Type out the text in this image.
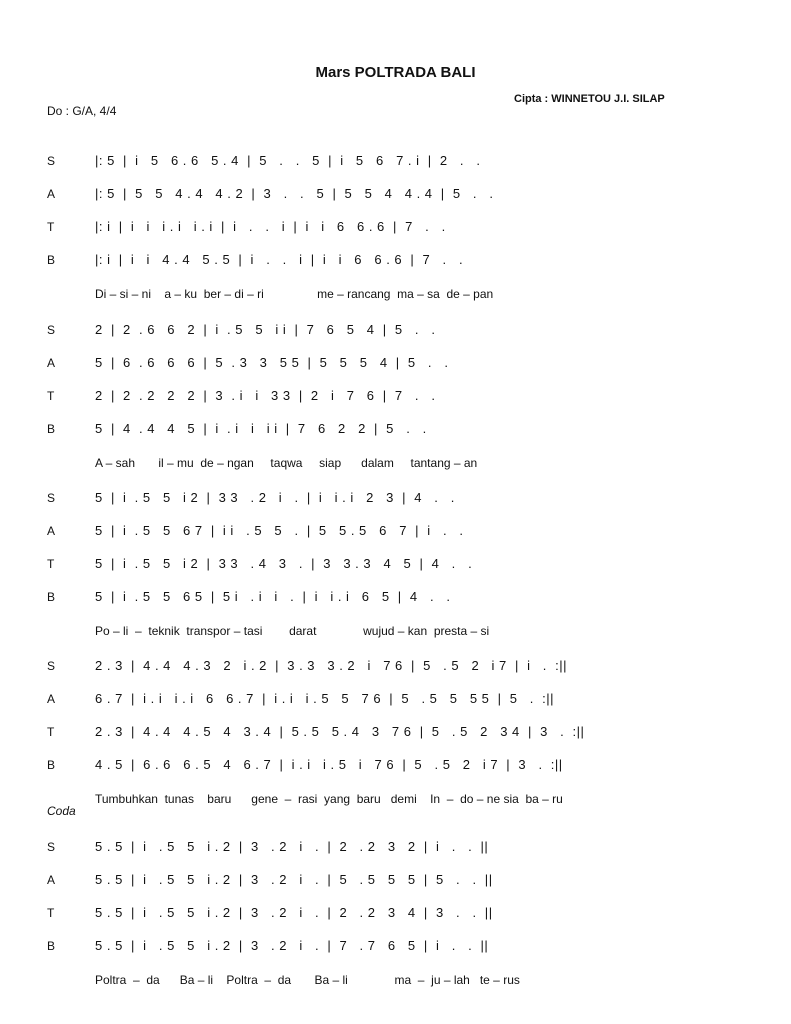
Mars POLTRADA BALI
Cipta : WINNETOU J.I. SILAP
Do : G/A, 4/4
Coda
S	|: 5  |  i   5   6 . 6   5 . 4  |  5   .   .   5  |  i   5   6   7 . i  |  2   .   .
A	|: 5  |  5   5   4 . 4   4 . 2  |  3   .   .   5  |  5   5   4   4 . 4  |  5   .   .
T	|: i  |  i   i   i . i   i . i  |  i   .   .   i  |  i   i   6   6 . 6  |  7   .   .
B	|: i  |  i   i   4 . 4   5 . 5  |  i   .   .   i  |  i   i   6   6 . 6  |  7   .   .
Di – si – ni    a – ku  ber – di – ri                me – rancang  ma – sa  de – pan
S	2  |  2  . 6   6   2  |  i  . 5   5   i i  |  7   6   5   4  |  5   .   .
A	5  |  6  . 6   6   6  |  5  . 3   3   5 5  |  5   5   5   4  |  5   .   .
T	2  |  2  . 2   2   2  |  3  . i   i   3 3  |  2   i   7   6  |  7   .   .
B	5  |  4  . 4   4   5  |  i  . i   i   i i  |  7   6   2   2  |  5   .   .
A – sah       il – mu  de – ngan     taqwa     siap      dalam     tantang – an
S	5  |  i  . 5   5   i 2  |  3 3   . 2   i   .  |  i   i . i   2   3  |  4   .   .
A	5  |  i  . 5   5   6 7  |  i i   . 5   5   .  |  5   5 . 5   6   7  |  i   .   .
T	5  |  i  . 5   5   i 2  |  3 3   . 4   3   .  |  3   3 . 3   4   5  |  4   .   .
B	5  |  i  . 5   5   6 5  |  5 i   . i   i   .  |  i   i . i   6   5  |  4   .   .
Po – li  –  teknik  transpor – tasi        darat              wujud – kan  presta – si
S	2 . 3  |  4 . 4   4 . 3   2   i . 2  |  3 . 3   3 . 2   i   7 6  |  5   . 5   2   i 7  |  i   .  :||
A	6 . 7  |  i . i   i . i   6   6 . 7  |  i . i   i . 5   5   7 6  |  5   . 5   5   5 5  |  5   .  :||
T	2 . 3  |  4 . 4   4 . 5   4   3 . 4  |  5 . 5   5 . 4   3   7 6  |  5   . 5   2   3 4  |  3   .  :||
B	4 . 5  |  6 . 6   6 . 5   4   6 . 7  |  i . i   i . 5   i   7 6  |  5   . 5   2   i 7  |  3   .  :||
Tumbuhkan  tunas    baru      gene  –  rasi  yang  baru   demi    In  –  do – ne sia  ba – ru
S	5 . 5  |  i   . 5   5   i . 2  |  3   . 2   i   .  |  2   . 2   3   2  |  i   .   .  ||
A	5 . 5  |  i   . 5   5   i . 2  |  3   . 2   i   .  |  5   . 5   5   5  |  5   .   .  ||
T	5 . 5  |  i   . 5   5   i . 2  |  3   . 2   i   .  |  2   . 2   3   4  |  3   .   .  ||
B	5 . 5  |  i   . 5   5   i . 2  |  3   . 2   i   .  |  7   . 7   6   5  |  i   .   .  ||
Poltra  –  da      Ba – li    Poltra  –  da       Ba – li              ma  –  ju – lah   te – rus
